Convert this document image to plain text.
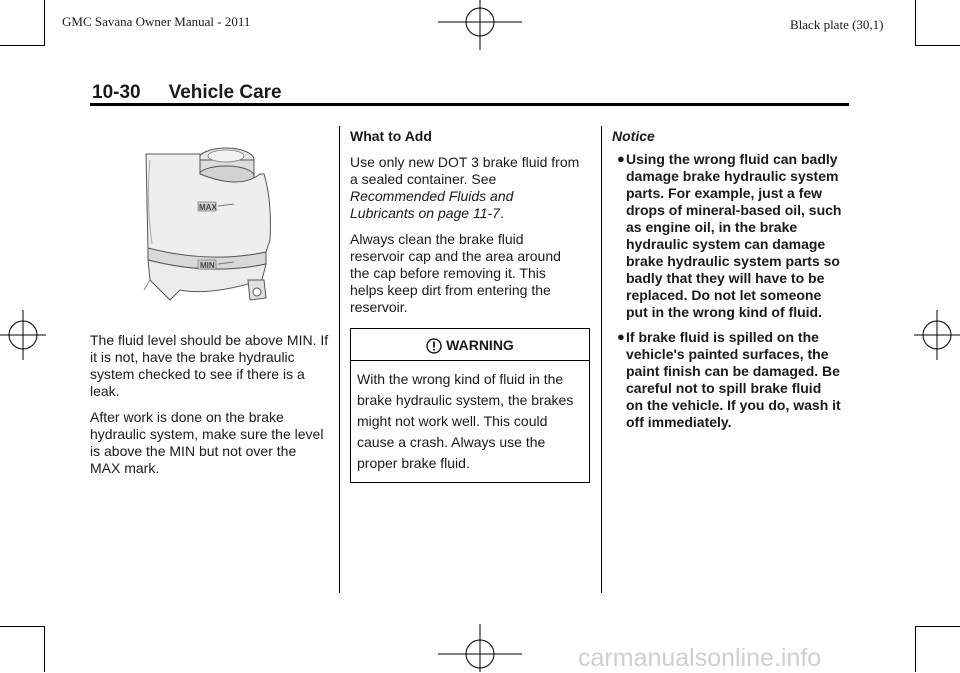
GMC Savana Owner Manual - 2011	Black plate (30,1)
10-30 Vehicle Care
MAX
MIN

The fluid level should be above MIN. If it is not, have the brake hydraulic system checked to see if there is a leak.

After work is done on the brake hydraulic system, make sure the level is above the MIN but not over the MAX mark.

What to Add

Use only new DOT 3 brake fluid from a sealed container. See Recommended Fluids and Lubricants on page 11-7.

Always clean the brake fluid reservoir cap and the area around the cap before removing it. This helps keep dirt from entering the reservoir.

WARNING
With the wrong kind of fluid in the brake hydraulic system, the brakes might not work well. This could cause a crash. Always use the proper brake fluid.

Notice

● Using the wrong fluid can badly damage brake hydraulic system parts. For example, just a few drops of mineral-based oil, such as engine oil, in the brake hydraulic system can damage brake hydraulic system parts so badly that they will have to be replaced. Do not let someone put in the wrong kind of fluid.
● If brake fluid is spilled on the vehicle's painted surfaces, the paint finish can be damaged. Be careful not to spill brake fluid on the vehicle. If you do, wash it off immediately.
carmanualsonline.info
